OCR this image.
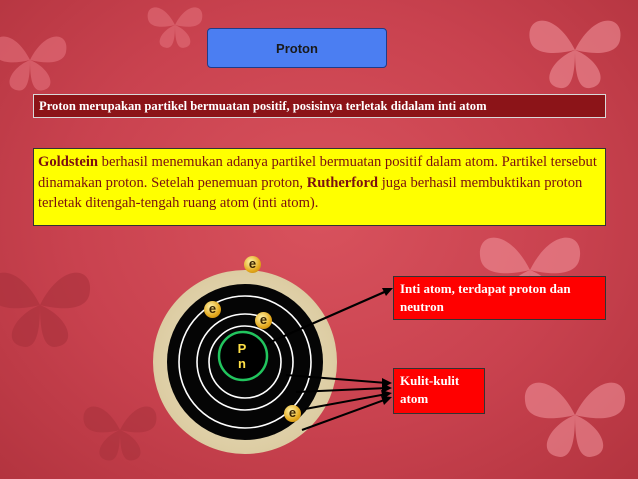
Proton
Proton merupakan partikel bermuatan positif, posisinya terletak didalam inti atom
Goldstein berhasil menemukan adanya partikel bermuatan positif dalam atom. Partikel tersebut dinamakan proton. Setelah penemuan proton, Rutherford juga berhasil membuktikan proton terletak ditengah-tengah ruang atom (inti atom).
P
n
e
e
e
e
Inti atom, terdapat proton dan neutron
Kulit-kulit atom
